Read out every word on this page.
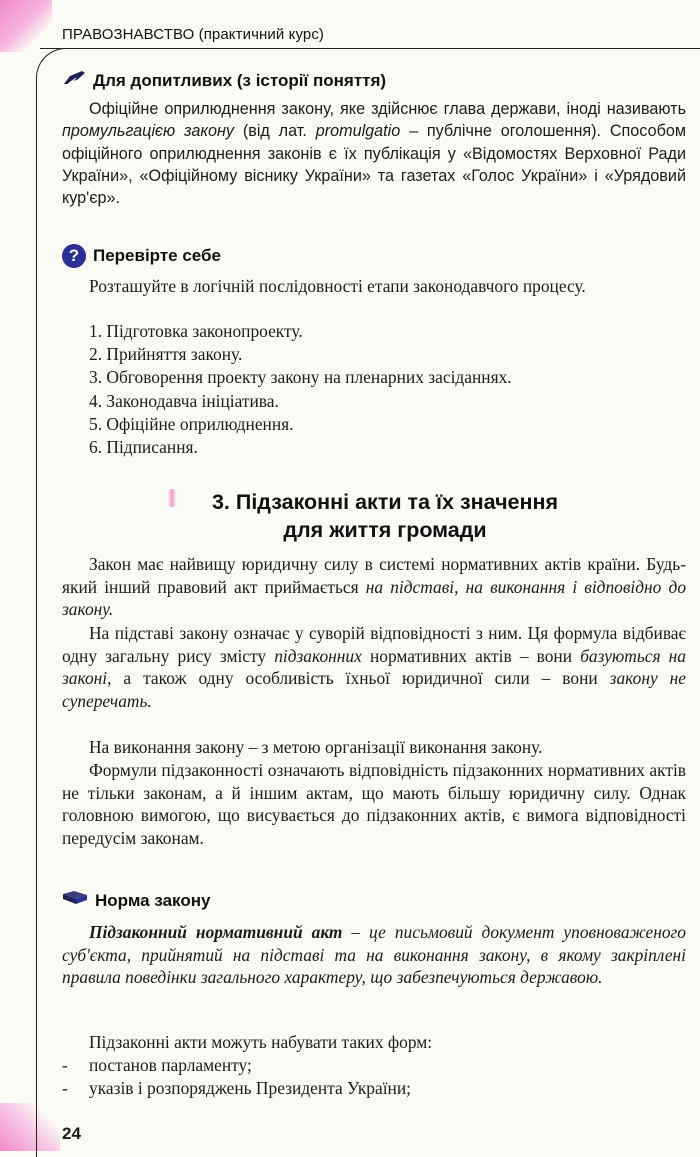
ПРАВОЗНАВСТВО (практичний курс)
Для допитливих (з історії поняття)

Офіційне оприлюднення закону, яке здійснює глава держави, іноді називають промульгацією закону (від лат. promulgatio – публічне оголошення). Способом офіційного оприлюднення законів є їх публікація у «Відомостях Верховної Ради України», «Офіційному віснику України» та газетах «Голос України» і «Урядовий кур'єр».

? Перевірте себе

Розташуйте в логічній послідовності етапи законодавчого процесу.

1. Підготовка законопроекту.
2. Прийняття закону.
3. Обговорення проекту закону на пленарних засіданнях.
4. Законодавча ініціатива.
5. Офіційне оприлюднення.
6. Підписання.
3. Підзаконні акти та їх значення
для життя громади

Закон має найвищу юридичну силу в системі нормативних актів країни. Будь-який інший правовий акт приймається на підставі, на виконання і відповідно до закону.

На підставі закону означає у суворій відповідності з ним. Ця формула відбиває одну загальну рису змісту підзаконних нормативних актів – вони базуються на законі, а також одну особливість їхньої юридичної сили – вони закону не суперечать.

На виконання закону – з метою організації виконання закону.

Формули підзаконності означають відповідність підзаконних нормативних актів не тільки законам, а й іншим актам, що мають більшу юридичну силу. Однак головною вимогою, що висувається до підзаконних актів, є вимога відповідності передусім законам.

Норма закону

Підзаконний нормативний акт – це письмовий документ уповноваженого суб'єкта, прийнятий на підставі та на виконання закону, в якому закріплені правила поведінки загального характеру, що забезпечуються державою.

Підзаконні акти можуть набувати таких форм:

- постанов парламенту;
- указів і розпоряджень Президента України;
24
